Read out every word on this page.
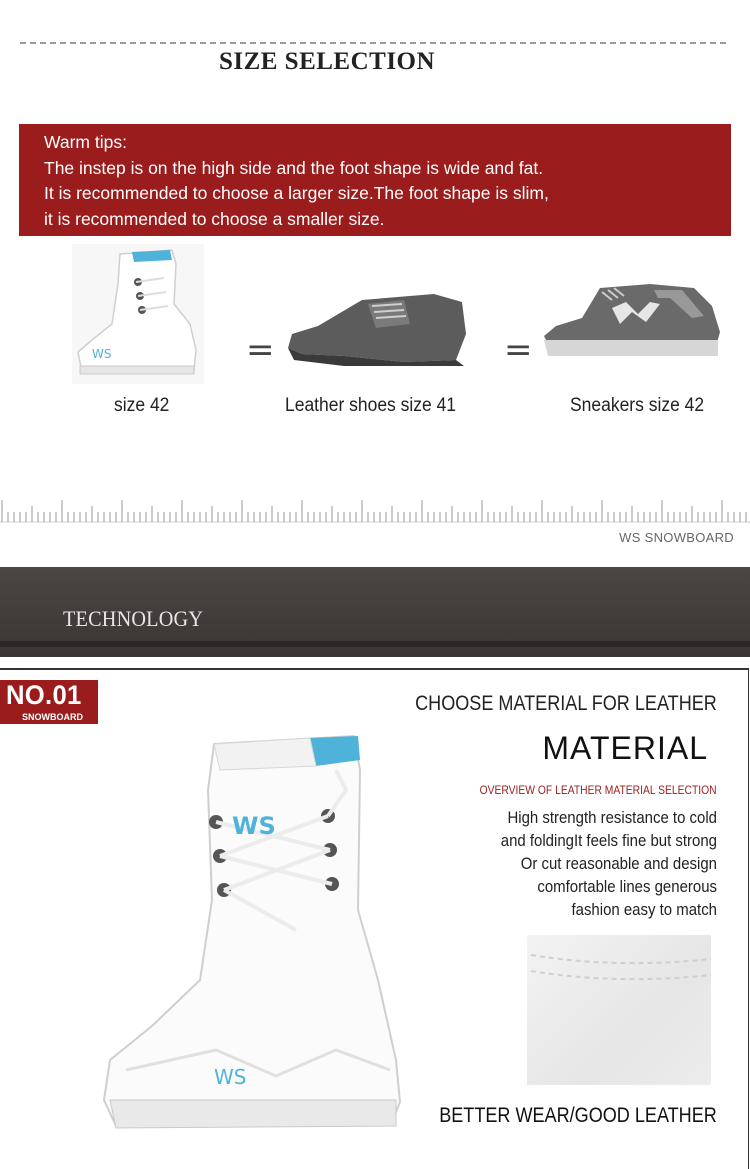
SIZE SELECTION
Warm tips:
The instep is on the high side and the foot shape is wide and fat.
It is recommended to choose a larger size.The foot shape is slim,
it is recommended to choose a smaller size.
WS	=	=
size 42	Leather shoes size 41	Sneakers size 42
WS SNOWBOARD
TECHNOLOGY
NO.01
SNOWBOARD
WS
WS
CHOOSE MATERIAL FOR LEATHER
MATERIAL
OVERVIEW OF LEATHER MATERIAL SELECTION
High strength resistance to cold
and foldingIt feels fine but strong
Or cut reasonable and design
comfortable lines generous
fashion easy to match
BETTER WEAR/GOOD LEATHER
